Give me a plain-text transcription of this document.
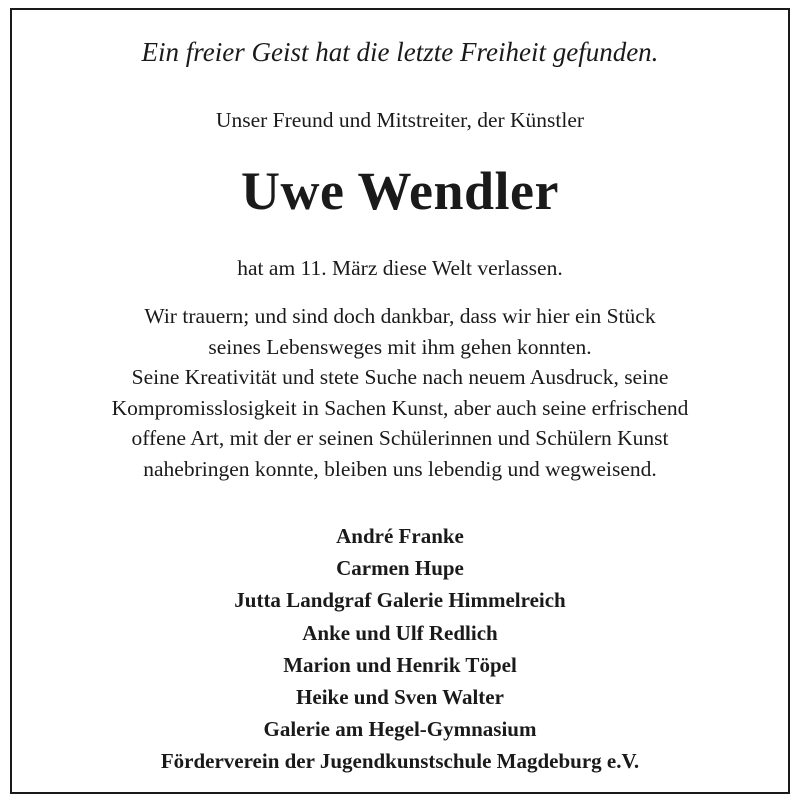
Ein freier Geist hat die letzte Freiheit gefunden.
Unser Freund und Mitstreiter, der Künstler
Uwe Wendler
hat am 11. März diese Welt verlassen.
Wir trauern; und sind doch dankbar, dass wir hier ein Stück
seines Lebensweges mit ihm gehen konnten.
Seine Kreativität und stete Suche nach neuem Ausdruck, seine
Kompromisslosigkeit in Sachen Kunst, aber auch seine erfrischend
offene Art, mit der er seinen Schülerinnen und Schülern Kunst
nahebringen konnte, bleiben uns lebendig und wegweisend.
André Franke
Carmen Hupe
Jutta Landgraf Galerie Himmelreich
Anke und Ulf Redlich
Marion und Henrik Töpel
Heike und Sven Walter
Galerie am Hegel-Gymnasium
Förderverein der Jugendkunstschule Magdeburg e.V.
